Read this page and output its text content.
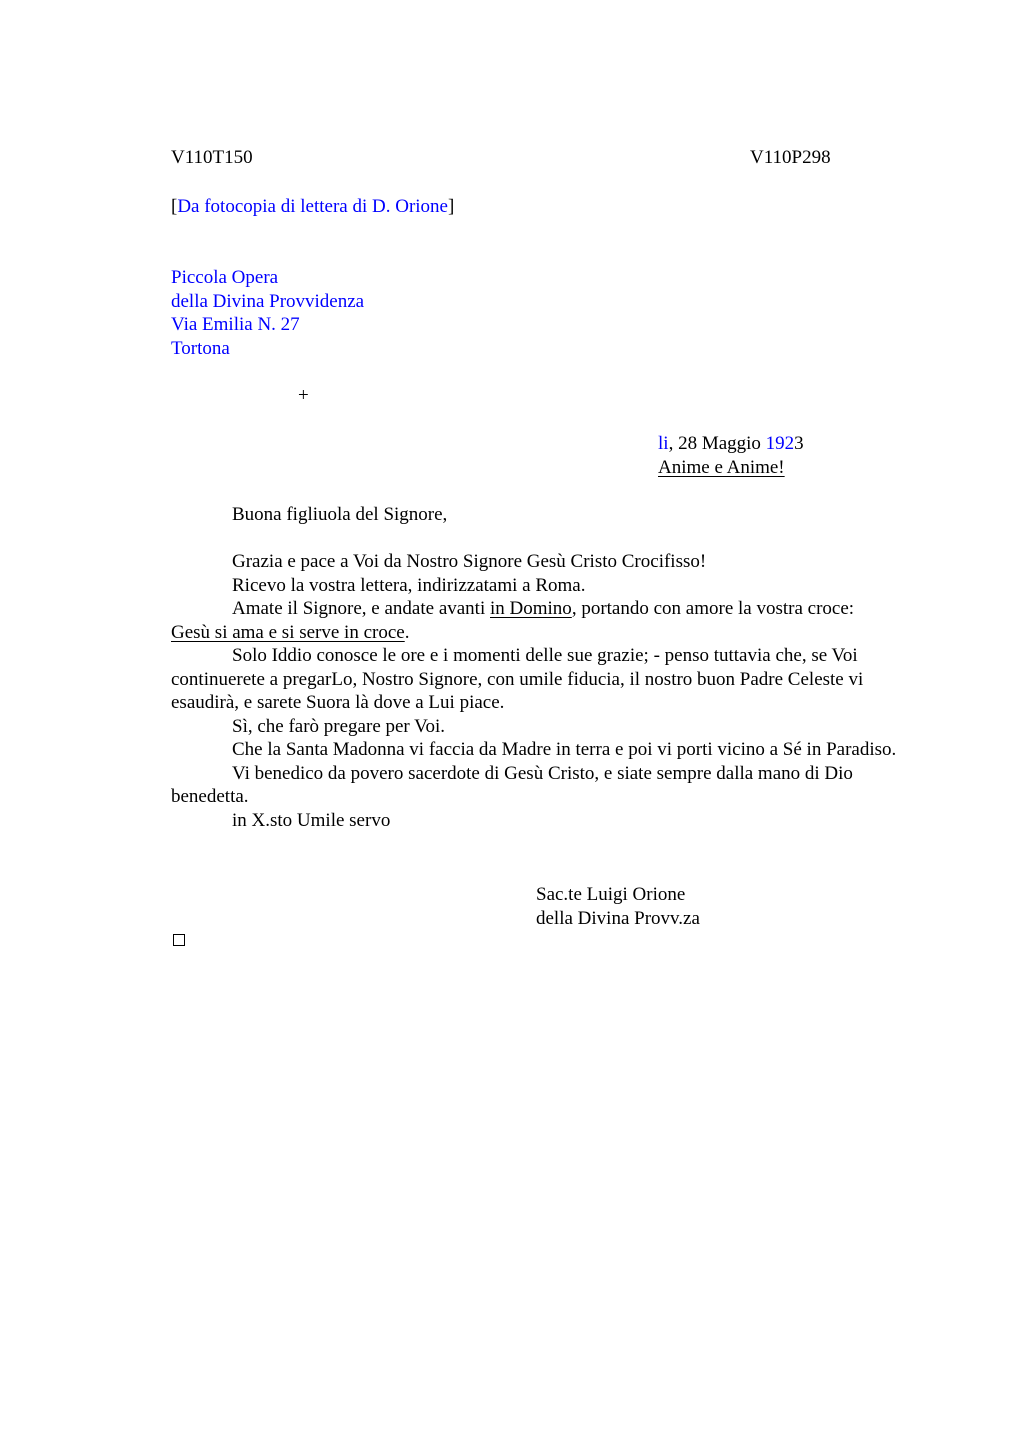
V110T150	V110P298
[Da fotocopia di lettera di D. Orione]
Piccola Opera
della Divina Provvidenza
Via Emilia N. 27
Tortona
+
li, 28 Maggio 1923
Anime e Anime!
Buona figliuola del Signore,
Grazia e pace a Voi da Nostro Signore Gesù Cristo Crocifisso!
Ricevo la vostra lettera, indirizzatami a Roma.
Amate il Signore, e andate avanti in Domino, portando con amore la vostra croce:
Gesù si ama e si serve in croce.
Solo Iddio conosce le ore e i momenti delle sue grazie; - penso tuttavia che, se Voi continuerete a pregarLo, Nostro Signore, con umile fiducia, il nostro buon Padre Celeste vi esaudirà, e sarete Suora là dove a Lui piace.
Sì, che farò pregare per Voi.
Che la Santa Madonna vi faccia da Madre in terra e poi vi porti vicino a Sé in Paradiso.
Vi benedico da povero sacerdote di Gesù Cristo, e siate sempre dalla mano di Dio benedetta.
in X.sto Umile servo
Sac.te Luigi Orione
della Divina Provv.za
